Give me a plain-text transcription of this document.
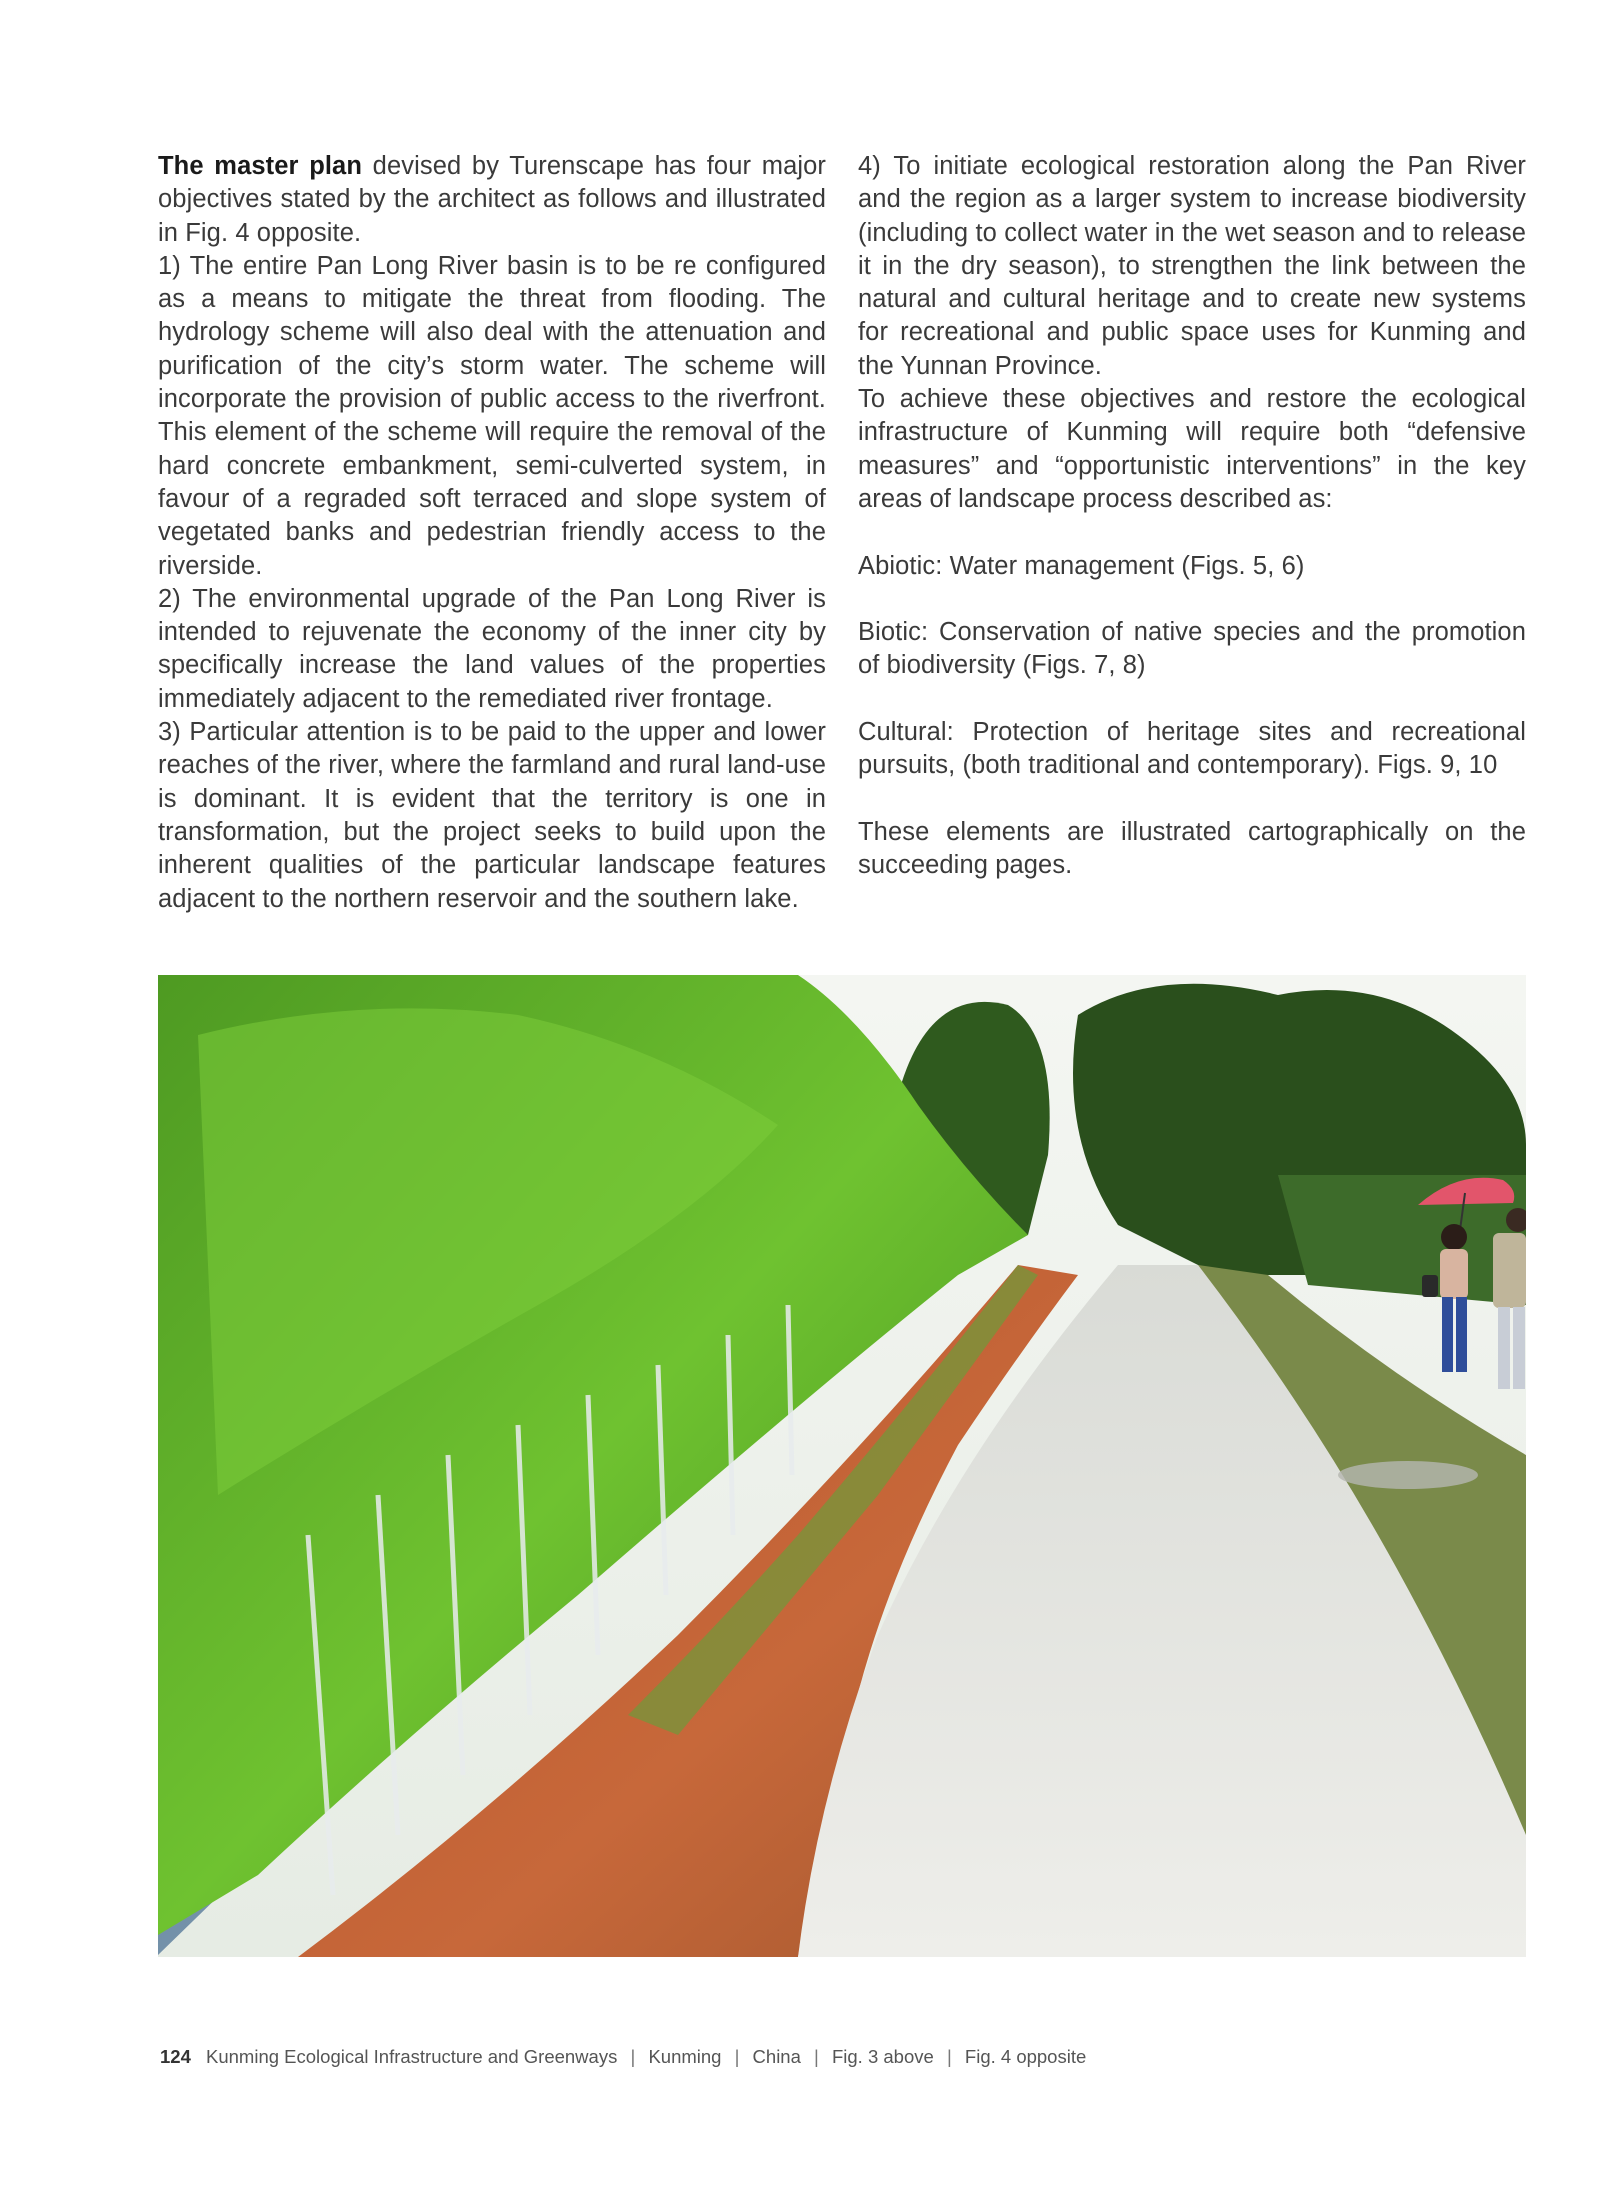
The master plan devised by Turenscape has four major objectives stated by the architect as follows and illustrated in Fig. 4 opposite.

1) The entire Pan Long River basin is to be re configured as a means to mitigate the threat from flooding. The hydrology scheme will also deal with the attenuation and purification of the city’s storm water. The scheme will incorporate the provision of public access to the riverfront. This element of the scheme will require the removal of the hard concrete embankment, semi-culverted system, in favour of a regraded soft terraced and slope system of vegetated banks and pedestrian friendly access to the riverside.

2) The environmental upgrade of the Pan Long River is intended to rejuvenate the economy of the inner city by specifically increase the land values of the properties immediately adjacent to the remediated river frontage.

3) Particular attention is to be paid to the upper and lower reaches of the river, where the farmland and rural land-use is dominant. It is evident that the territory is one in transformation, but the project seeks to build upon the inherent qualities of the particular landscape features adjacent to the northern reservoir and the southern lake.

4) To initiate ecological restoration along the Pan River and the region as a larger system to increase biodiversity (including to collect water in the wet season and to release it in the dry season), to strengthen the link between the natural and cultural heritage and to create new systems for recreational and public space uses for Kunming and the Yunnan Province.

To achieve these objectives and restore the ecological infrastructure of Kunming will require both “defensive measures” and “opportunistic interventions” in the key areas of landscape process described as:

Abiotic: Water management (Figs. 5, 6)

Biotic: Conservation of native species and the promotion of biodiversity (Figs. 7, 8)

Cultural: Protection of heritage sites and recreational pursuits, (both traditional and contemporary). Figs. 9, 10

These elements are illustrated cartographically on the succeeding pages.

124 Kunming Ecological Infrastructure and Greenways | Kunming | China | Fig. 3 above | Fig. 4 opposite
